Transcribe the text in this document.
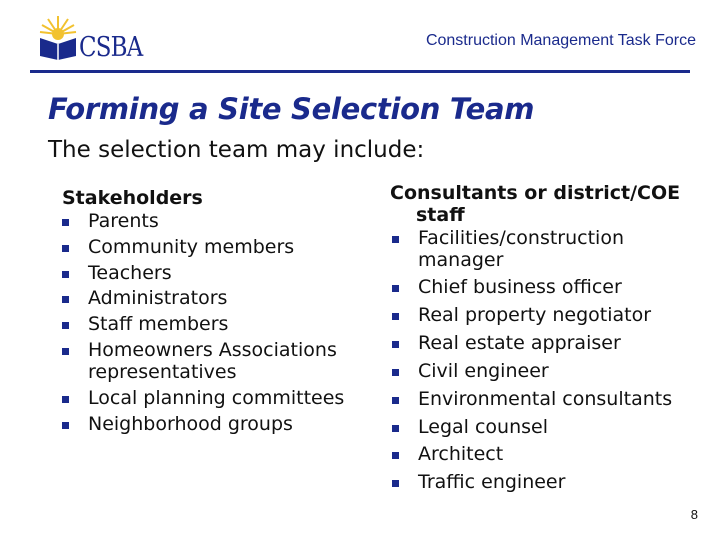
CSBA	Construction Management Task Force
Forming a Site Selection Team
The selection team may include:
Stakeholders
Parents
Community members
Teachers
Administrators
Staff members
Homeowners Associations representatives
Local planning committees
Neighborhood groups
Consultants or district/COE staff
Facilities/construction manager
Chief business officer
Real property negotiator
Real estate appraiser
Civil engineer
Environmental consultants
Legal counsel
Architect
Traffic engineer
8
